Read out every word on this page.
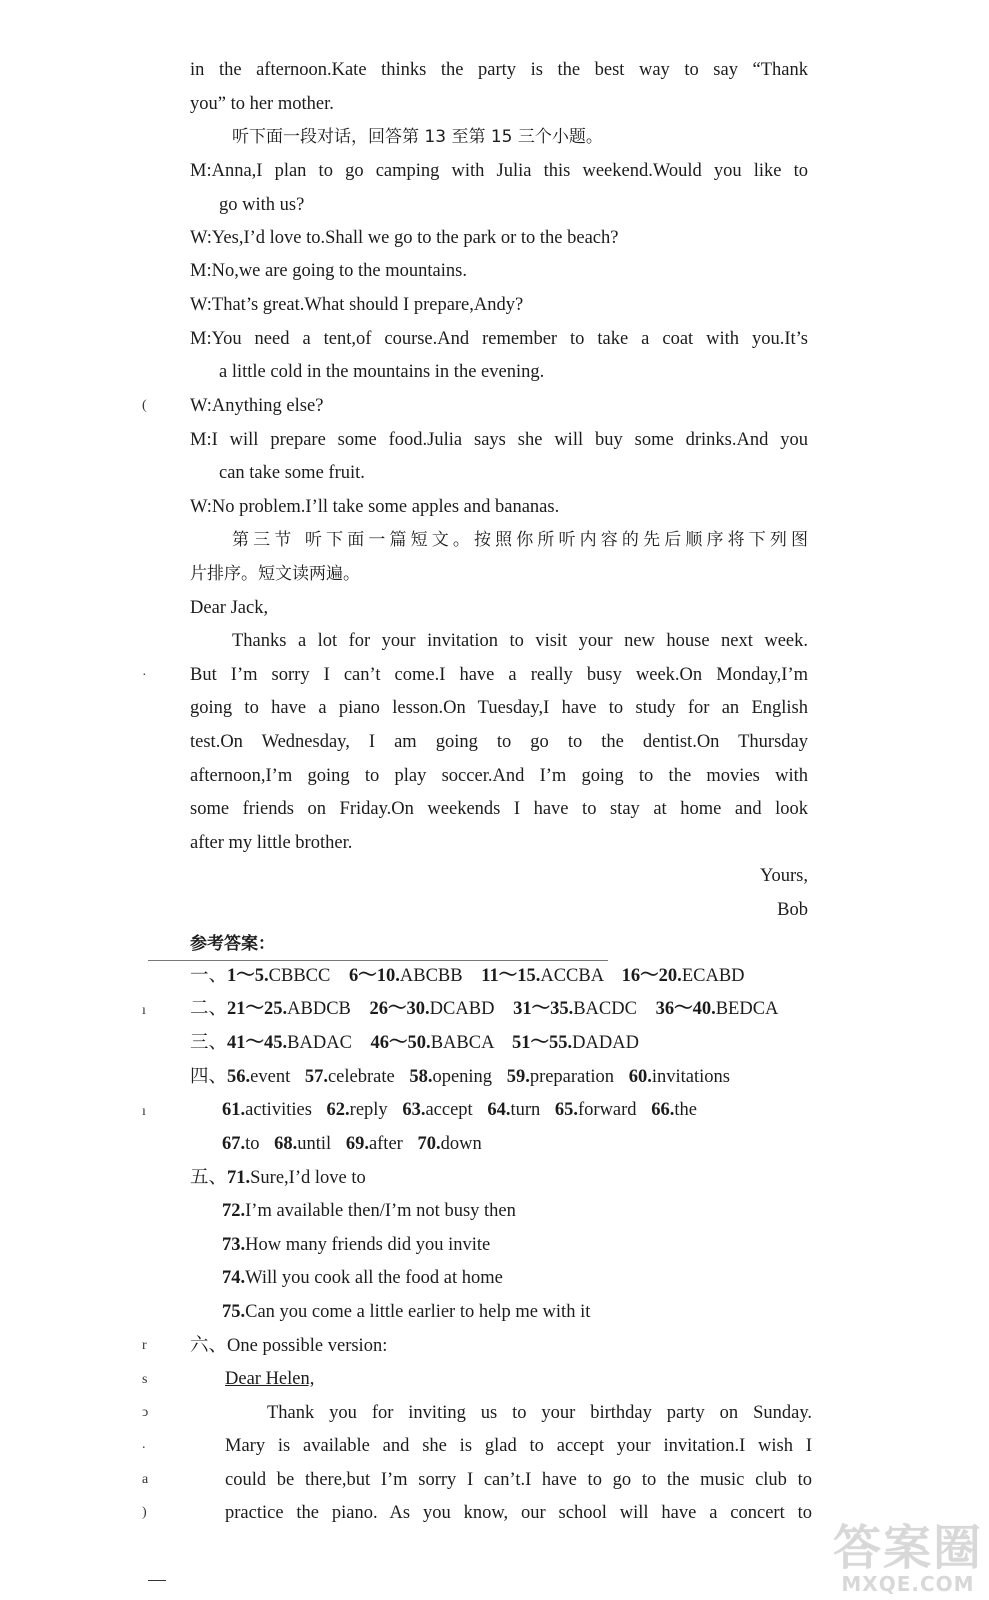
in the afternoon.Kate thinks the party is the best way to say “Thank
you” to her mother.
听下面一段对话，回答第 13 至第 15 三个小题。
M:Anna,I plan to go camping with Julia this weekend.Would you like to
go with us?
W:Yes,I’d love to.Shall we go to the park or to the beach?
M:No,we are going to the mountains.
W:That’s great.What should I prepare,Andy?
M:You need a tent,of course.And remember to take a coat with you.It’s
a little cold in the mountains in the evening.
W:Anything else?
M:I will prepare some food.Julia says she will buy some drinks.And you
can take some fruit.
W:No problem.I’ll take some apples and bananas.
第三节 听下面一篇短文。按照你所听内容的先后顺序将下列图
片排序。短文读两遍。
Dear Jack,
Thanks a lot for your invitation to visit your new house next week.
But I’m sorry I can’t come.I have a really busy week.On Monday,I’m
going to have a piano lesson.On Tuesday,I have to study for an English
test.On Wednesday, I am going to go to the dentist.On Thursday
afternoon,I’m going to play soccer.And I’m going to the movies with
some friends on Friday.On weekends I have to stay at home and look
after my little brother.
Yours,
Bob
参考答案：
一、1～5.CBBCC 6～10.ABCBB 11～15.ACCBA 16～20.ECABD
二、21～25.ABDCB 26～30.DCABD 31～35.BACDC 36～40.BEDCA
三、41～45.BADAC 46～50.BABCA 51～55.DADAD
四、56.event 57.celebrate 58.opening 59.preparation 60.invitations
61.activities 62.reply 63.accept 64.turn 65.forward 66.the
67.to 68.until 69.after 70.down
五、71.Sure,I’d love to
72.I’m available then/I’m not busy then
73.How many friends did you invite
74.Will you cook all the food at home
75.Can you come a little earlier to help me with it
六、One possible version:
Dear Helen,
Thank you for inviting us to your birthday party on Sunday.
Mary is available and she is glad to accept your invitation.I wish I
could be there,but I’m sorry I can’t.I have to go to the music club to
practice the piano. As you know, our school will have a concert to
(
·
ı
ı
r
s
ↄ
.
a
)
答案圈
MXQE.COM
